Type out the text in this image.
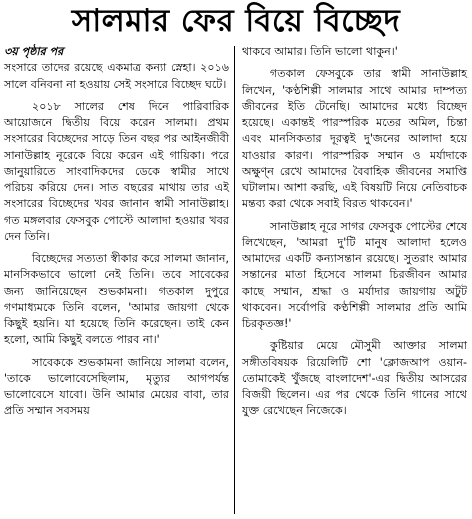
সালমার ফের বিয়ে বিচ্ছেদ

৩য় পৃষ্ঠার পর

সংসারে তাদের রয়েছে একমাত্র কন্যা স্নেহা। ২০১৬ সালে বনিবনা না হওয়ায় সেই সংসারে বিচ্ছেদ ঘটে।

২০১৮ সালের শেষ দিনে পারিবারিক আয়োজনে দ্বিতীয় বিয়ে করেন সালমা। প্রথম সংসারের বিচ্ছেদের সাড়ে তিন বছর পর আইনজীবী সানাউল্লাহ নূরেকে বিয়ে করেন এই গায়িকা। পরে জানুয়ারিতে সাংবাদিকদের ডেকে স্বামীর সাথে পরিচয় করিয়ে দেন। সাত বছরের মাথায় তার এই সংসারের বিচ্ছেদের খবর জানান স্বামী সানাউল্লাহ। গত মঙ্গলবার ফেসবুক পোস্টে আলাদা হওয়ার খবর দেন তিনি।

বিচ্ছেদের সত্যতা স্বীকার করে সালমা জানান, মানসিকভাবে ভালো নেই তিনি। তবে সাবেকের জন্য জানিয়েছেন শুভকামনা। গতকাল দুপুরে গণমাধ্যমকে তিনি বলেন, 'আমার জায়গা থেকে কিছুই হয়নি। যা হয়েছে তিনি করেছেন। তাই কেন হলো, আমি কিছুই বলতে পারব না।'

সাবেককে শুভকামনা জানিয়ে সালমা বলেন, 'তাকে ভালোবেসেছিলাম, মৃত্যুর আগপর্যন্ত ভালোবেসে যাবো। উনি আমার মেয়ের বাবা, তার প্রতি সম্মান সবসময়

থাকবে আমার। তিনি ভালো থাকুন।'

গতকাল ফেসবুকে তার স্বামী সানাউল্লাহ লিখেন, 'কণ্ঠশিল্পী সালমার সাথে আমার দাম্পত্য জীবনের ইতি টেনেছি। আমাদের মধ্যে বিচ্ছেদ হয়েছে। একান্তই পারস্পরিক মতের অমিল, চিন্তা এবং মানসিকতার দূরত্বই দু'জনের আলাদা হয়ে যাওয়ার কারণ। পারস্পরিক সম্মান ও মর্যাদাকে অক্ষুণ্ন রেখে আমাদের বৈবাহিক জীবনের সমাপ্তি ঘটালাম। আশা করছি, এই বিষয়টি নিয়ে নেতিবাচক মন্তব্য করা থেকে সবাই বিরত থাকবেন।'

সানাউল্লাহ নূরে সাগর ফেসবুক পোস্টের শেষে লিখেছেন, 'আমরা দু'টি মানুষ আলাদা হলেও আমাদের একটি কন্যাসন্তান রয়েছে। সুতরাং আমার সন্তানের মাতা হিসেবে সালমা চিরজীবন আমার কাছে সম্মান, শ্রদ্ধা ও মর্যাদার জায়গায় অটুট থাকবেন। সর্বোপরি কণ্ঠশিল্পী সালমার প্রতি আমি চিরকৃতজ্ঞ!'

কুষ্টিয়ার মেয়ে মৌসুমী আক্তার সালমা সঙ্গীতবিষয়ক রিয়েলিটি শো 'ক্লোজআপ ওয়ান-তোমাকেই খুঁজছে বাংলাদেশ'-এর দ্বিতীয় আসরের বিজয়ী ছিলেন। এর পর থেকে তিনি গানের সাথে যুক্ত রেখেছেন নিজেকে।
